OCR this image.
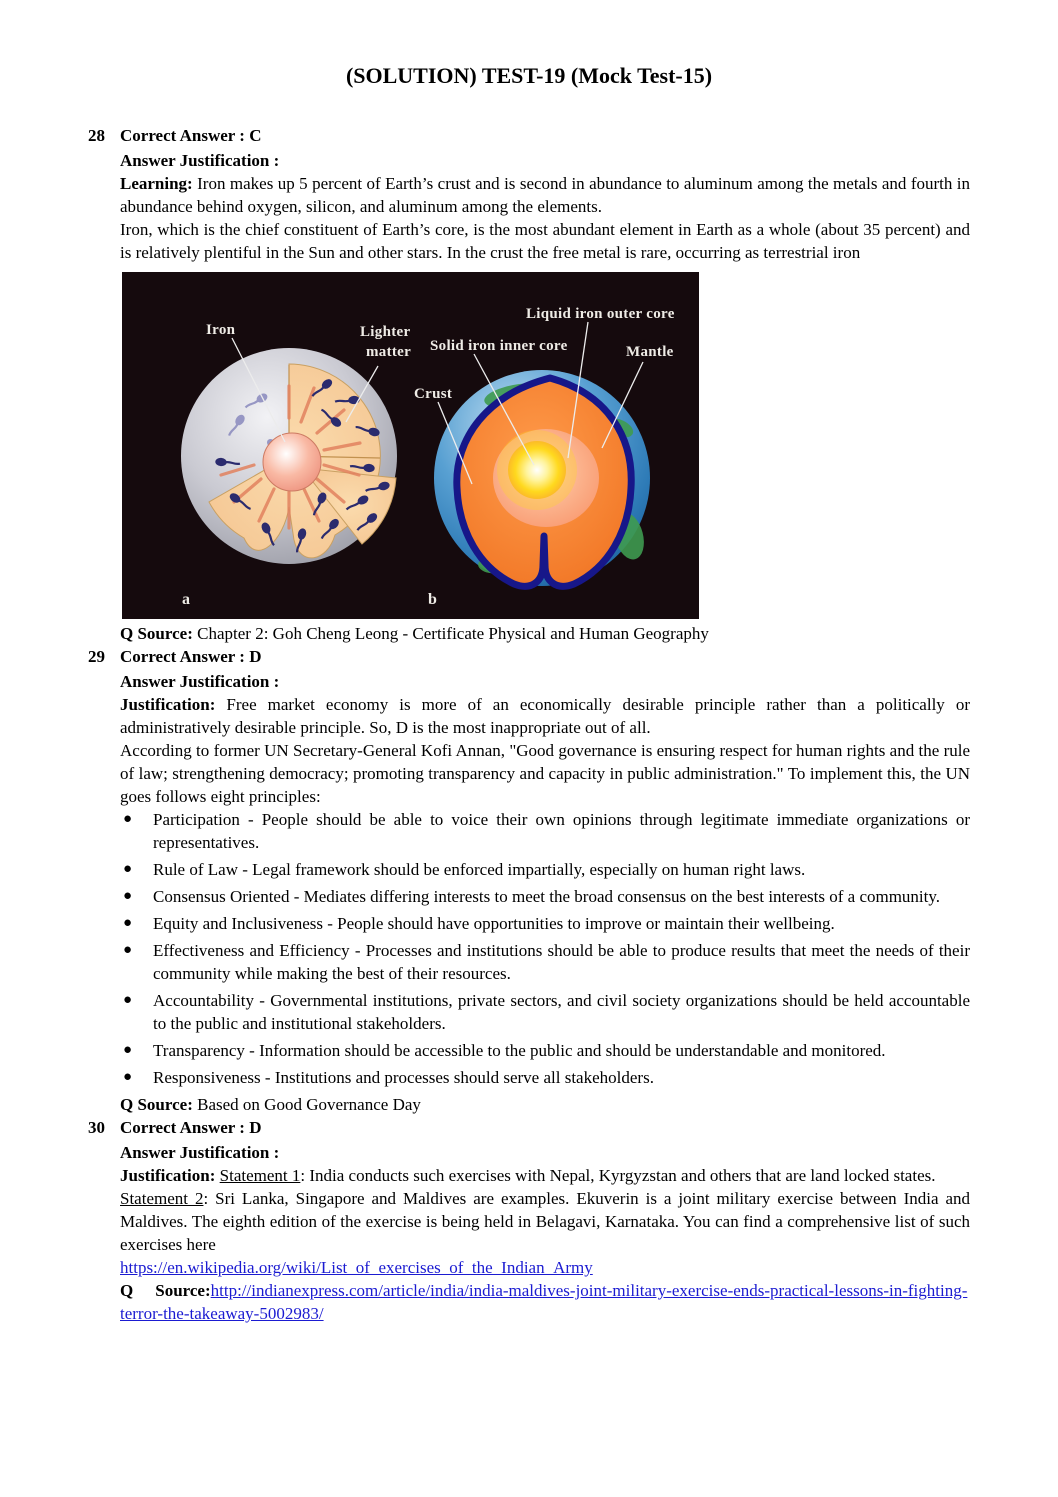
(SOLUTION) TEST-19 (Mock Test-15)
28 Correct Answer : C
Answer Justification :

Learning: Iron makes up 5 percent of Earth’s crust and is second in abundance to aluminum among the metals and fourth in abundance behind oxygen, silicon, and aluminum among the elements.

Iron, which is the chief constituent of Earth’s core, is the most abundant element in Earth as a whole (about 35 percent) and is relatively plentiful in the Sun and other stars. In the crust the free metal is rare, occurring as terrestrial iron

Iron	Lighter
matter Solid iron inner core
Liquid iron outer core
Mantle
Crust
a	b

Q Source: Chapter 2: Goh Cheng Leong - Certificate Physical and Human Geography

29 Correct Answer : D
Answer Justification :

Justification: Free market economy is more of an economically desirable principle rather than a politically or administratively desirable principle. So, D is the most inappropriate out of all.

According to former UN Secretary-General Kofi Annan, "Good governance is ensuring respect for human rights and the rule of law; strengthening democracy; promoting transparency and capacity in public administration." To implement this, the UN goes follows eight principles:

●	Participation - People should be able to voice their own opinions through legitimate immediate organizations or representatives.
●	Rule of Law - Legal framework should be enforced impartially, especially on human right laws.
●	Consensus Oriented - Mediates differing interests to meet the broad consensus on the best interests of a community.
●	Equity and Inclusiveness - People should have opportunities to improve or maintain their wellbeing.
●	Effectiveness and Efficiency - Processes and institutions should be able to produce results that meet the needs of their community while making the best of their resources.
●	Accountability - Governmental institutions, private sectors, and civil society organizations should be held accountable to the public and institutional stakeholders.
●	Transparency - Information should be accessible to the public and should be understandable and monitored.
●	Responsiveness - Institutions and processes should serve all stakeholders.

Q Source: Based on Good Governance Day

30 Correct Answer : D
Answer Justification :

Justification: Statement 1: India conducts such exercises with Nepal, Kyrgyzstan and others that are land locked states.

Statement 2: Sri Lanka, Singapore and Maldives are examples. Ekuverin is a joint military exercise between India and Maldives. The eighth edition of the exercise is being held in Belagavi, Karnataka. You can find a comprehensive list of such exercises here

https://en.wikipedia.org/wiki/List_of_exercises_of_the_Indian_Army

Q Source:http://indianexpress.com/article/india/india-maldives-joint-military-exercise-ends-practical-lessons-in-fighting-terror-the-takeaway-5002983/
